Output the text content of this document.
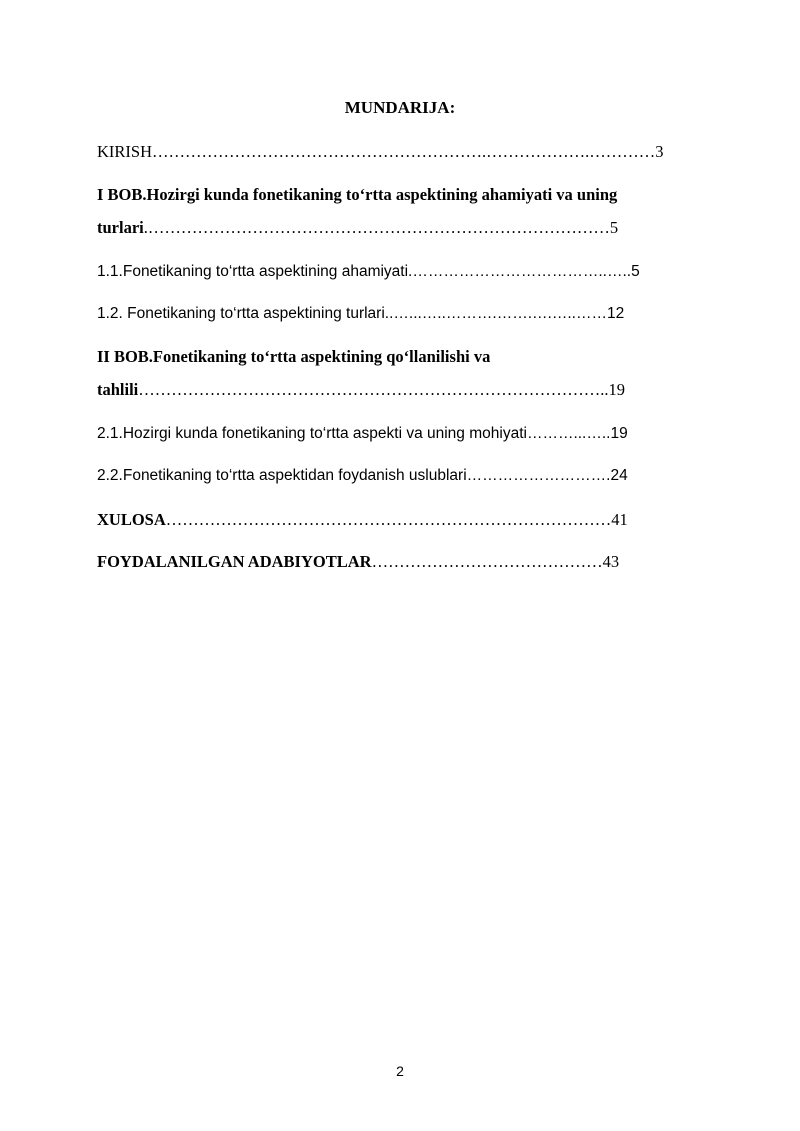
MUNDARIJA:
KIRISH…………………………………………………….……………….…………3
I BOB.Hozirgi kunda fonetikaning to‘rtta aspektining ahamiyati va uning
turlari.…………………………………………………………………………5
1.1.Fonetikaning to‘rtta aspektining ahamiyati.………………………………..…..5
1.2. Fonetikaning to‘rtta aspektining turlari..…...…..……….…….….…..……12
II BOB.Fonetikaning to‘rtta aspektining qo‘llanilishi va
tahlili…………………………………………………………………………..19
2.1.Hozirgi kunda fonetikaning to‘rtta aspekti va uning mohiyati………...…..19
2.2.Fonetikaning to‘rtta aspektidan foydanish uslublari……………………….24
XULOSA………………………………………………………………………41
FOYDALANILGAN ADABIYOTLAR……………………………………43
2
